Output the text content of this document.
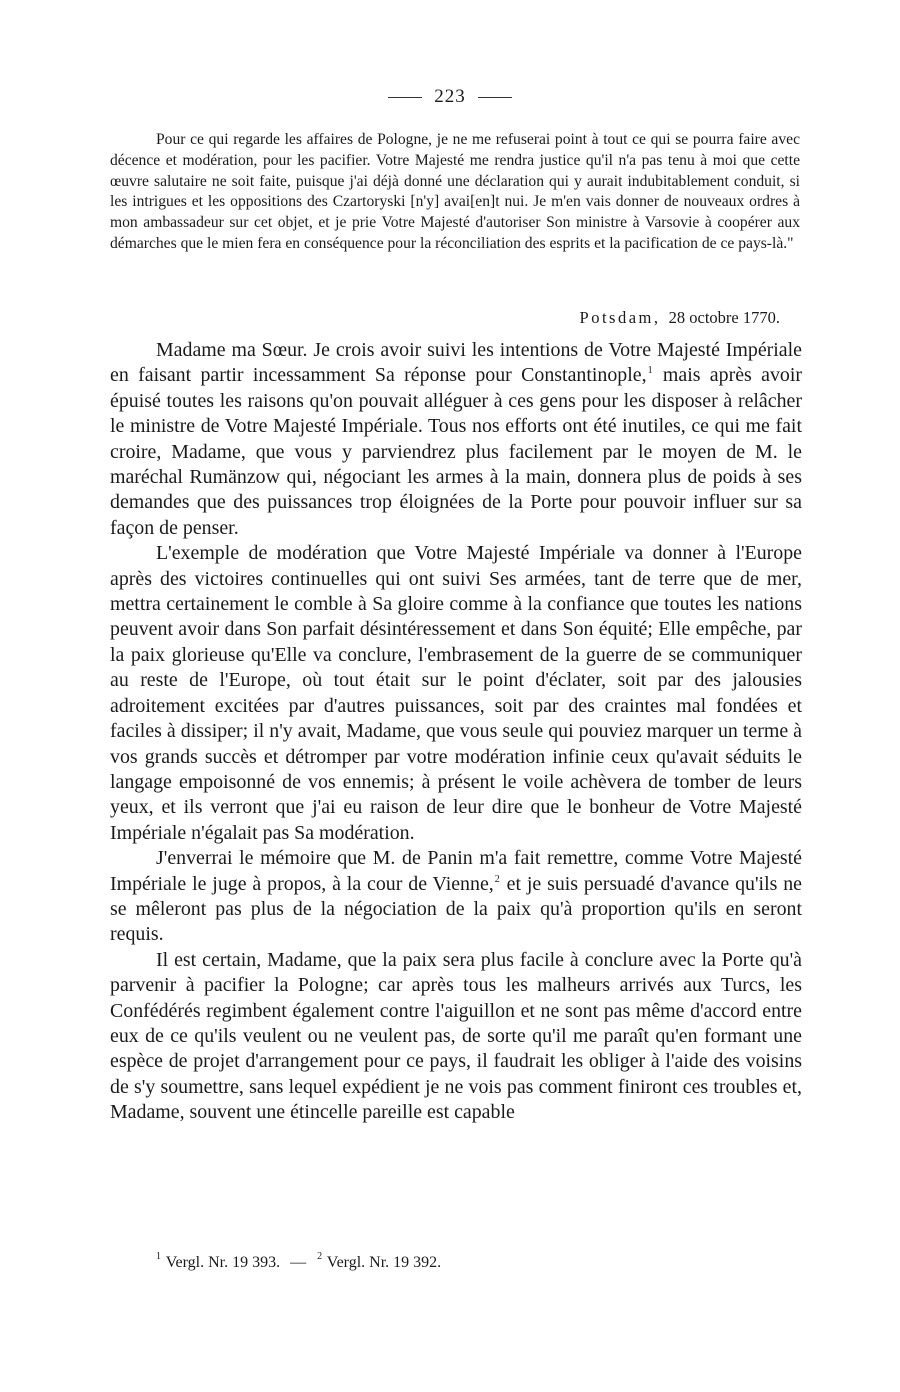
223
Pour ce qui regarde les affaires de Pologne, je ne me refuserai point à tout ce qui se pourra faire avec décence et modération, pour les pacifier. Votre Majesté me rendra justice qu'il n'a pas tenu à moi que cette œuvre salutaire ne soit faite, puisque j'ai déjà donné une déclaration qui y aurait indubitablement conduit, si les intrigues et les oppositions des Czartoryski [n'y] avai[en]t nui. Je m'en vais donner de nouveaux ordres à mon ambassadeur sur cet objet, et je prie Votre Majesté d'autoriser Son ministre à Varsovie à coopérer aux démarches que le mien fera en conséquence pour la réconciliation des esprits et la pacification de ce pays-là."
Potsdam, 28 octobre 1770.

Madame ma Sœur. Je crois avoir suivi les intentions de Votre Majesté Impériale en faisant partir incessamment Sa réponse pour Constantinople,$^1$ mais après avoir épuisé toutes les raisons qu'on pouvait alléguer à ces gens pour les disposer à relâcher le ministre de Votre Majesté Impériale. Tous nos efforts ont été inutiles, ce qui me fait croire, Madame, que vous y parviendrez plus facilement par le moyen de M. le maréchal Rumänzow qui, négociant les armes à la main, donnera plus de poids à ses demandes que des puissances trop éloignées de la Porte pour pouvoir influer sur sa façon de penser.

L'exemple de modération que Votre Majesté Impériale va donner à l'Europe après des victoires continuelles qui ont suivi Ses armées, tant de terre que de mer, mettra certainement le comble à Sa gloire comme à la confiance que toutes les nations peuvent avoir dans Son parfait désintéressement et dans Son équité; Elle empêche, par la paix glorieuse qu'Elle va conclure, l'embrasement de la guerre de se communiquer au reste de l'Europe, où tout était sur le point d'éclater, soit par des jalousies adroitement excitées par d'autres puissances, soit par des craintes mal fondées et faciles à dissiper; il n'y avait, Madame, que vous seule qui pouviez marquer un terme à vos grands succès et détromper par votre modération infinie ceux qu'avait séduits le langage empoisonné de vos ennemis; à présent le voile achèvera de tomber de leurs yeux, et ils verront que j'ai eu raison de leur dire que le bonheur de Votre Majesté Impériale n'égalait pas Sa modération.

J'enverrai le mémoire que M. de Panin m'a fait remettre, comme Votre Majesté Impériale le juge à propos, à la cour de Vienne,$^2$ et je suis persuadé d'avance qu'ils ne se mêleront pas plus de la négociation de la paix qu'à proportion qu'ils en seront requis.

Il est certain, Madame, que la paix sera plus facile à conclure avec la Porte qu'à parvenir à pacifier la Pologne; car après tous les malheurs arrivés aux Turcs, les Confédérés regimbent également contre l'aiguillon et ne sont pas même d'accord entre eux de ce qu'ils veulent ou ne veulent pas, de sorte qu'il me paraît qu'en formant une espèce de projet d'arrangement pour ce pays, il faudrait les obliger à l'aide des voisins de s'y soumettre, sans lequel expédient je ne vois pas comment finiront ces troubles et, Madame, souvent une étincelle pareille est capable

$^1$ Vergl. Nr. 19 393. — $^2$ Vergl. Nr. 19 392.
